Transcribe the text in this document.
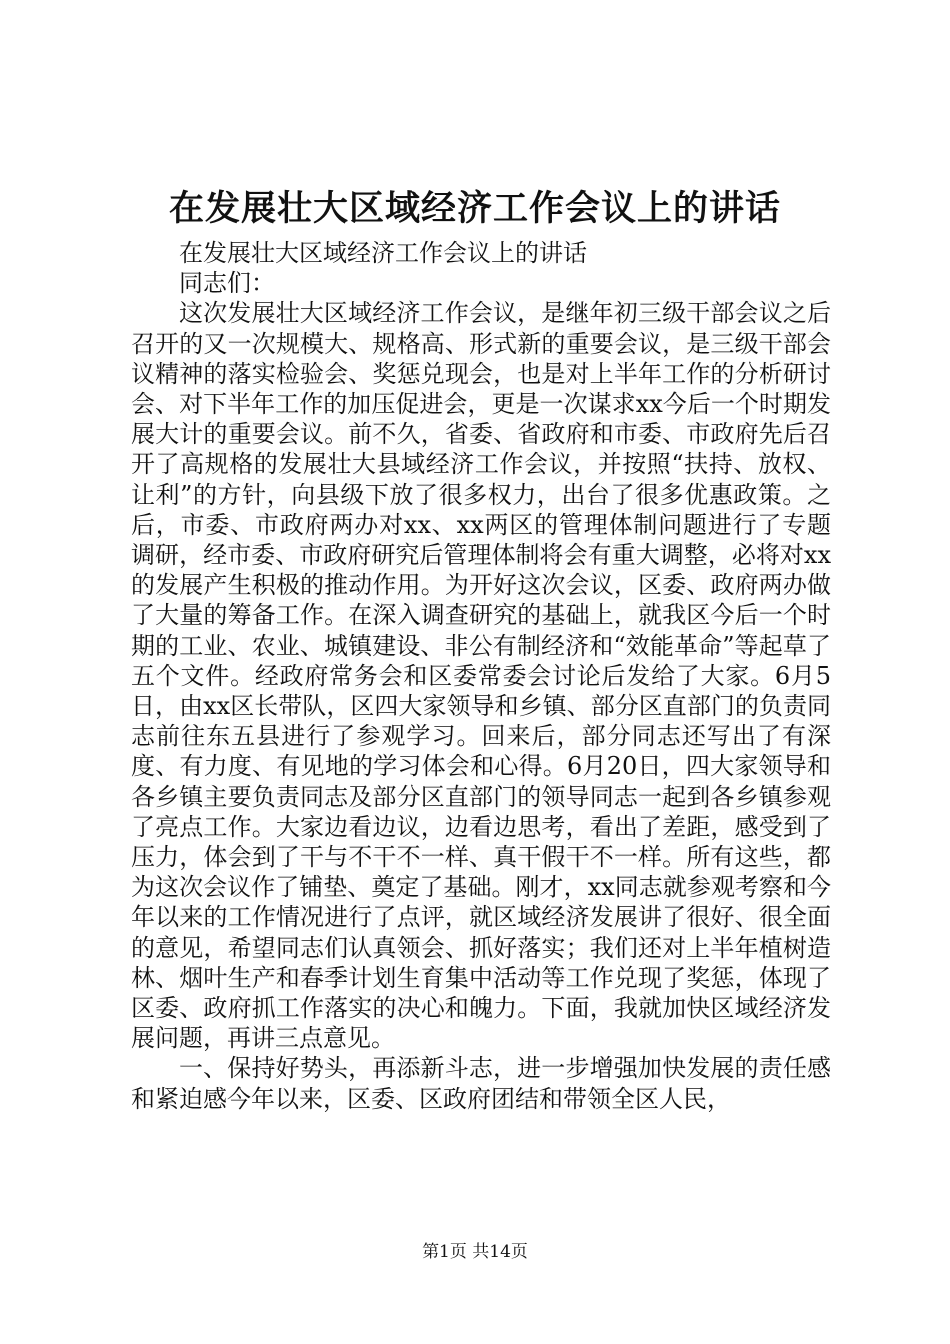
在发展壮大区域经济工作会议上的讲话

在发展壮大区域经济工作会议上的讲话

同志们：

这次发展壮大区域经济工作会议，是继年初三级干部会议之后召开的又一次规模大、规格高、形式新的重要会议，是三级干部会议精神的落实检验会、奖惩兑现会，也是对上半年工作的分析研讨会、对下半年工作的加压促进会，更是一次谋求xx今后一个时期发展大计的重要会议。前不久，省委、省政府和市委、市政府先后召开了高规格的发展壮大县域经济工作会议，并按照“扶持、放权、让利”的方针，向县级下放了很多权力，出台了很多优惠政策。之后，市委、市政府两办对xx、xx两区的管理体制问题进行了专题调研，经市委、市政府研究后管理体制将会有重大调整，必将对xx的发展产生积极的推动作用。为开好这次会议，区委、政府两办做了大量的筹备工作。在深入调查研究的基础上，就我区今后一个时期的工业、农业、城镇建设、非公有制经济和“效能革命”等起草了五个文件。经政府常务会和区委常委会讨论后发给了大家。6月5日，由xx区长带队，区四大家领导和乡镇、部分区直部门的负责同志前往东五县进行了参观学习。回来后，部分同志还写出了有深度、有力度、有见地的学习体会和心得。6月20日，四大家领导和各乡镇主要负责同志及部分区直部门的领导同志一起到各乡镇参观了亮点工作。大家边看边议，边看边思考，看出了差距，感受到了压力，体会到了干与不干不一样、真干假干不一样。所有这些，都为这次会议作了铺垫、奠定了基础。刚才，xx同志就参观考察和今年以来的工作情况进行了点评，就区域经济发展讲了很好、很全面的意见，希望同志们认真领会、抓好落实；我们还对上半年植树造林、烟叶生产和春季计划生育集中活动等工作兑现了奖惩，体现了区委、政府抓工作落实的决心和魄力。下面，我就加快区域经济发展问题，再讲三点意见。

一、保持好势头，再添新斗志，进一步增强加快发展的责任感和紧迫感今年以来，区委、区政府团结和带领全区人民，

第1页 共14页
